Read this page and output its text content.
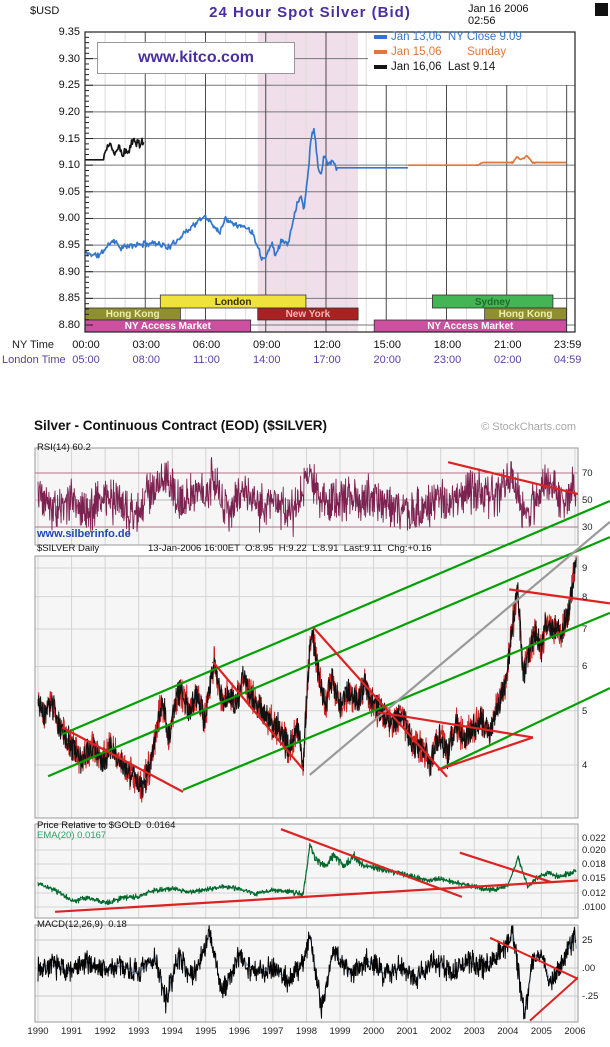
London	Sydney
Hong Kong	New York	Hong Kong
NY Access Market	NY Access Market
$USD	24 Hour Spot Silver (Bid)	Jan 16 2006
02:56
www.kitco.com
NY Time
London Time
Jan 13,06  NY Close 9.09
Jan 15,06        Sunday
Jan 16,06  Last 9.14
9.35
9.30
9.25
9.20
9.15
9.10
9.05
9.00
8.95
8.90
8.85
8.80
00:00
05:00
03:00
08:00
06:00
11:00
09:00
14:00
12:00
17:00
15:00
20:00
18:00
23:00
21:00
02:00
23:59
04:59
Silver - Continuous Contract (EOD) ($SILVER)	© StockCharts.com
RSI(14) 60.2
www.silberinfo.de
$SILVER Daily	13-Jan-2006 16:00ET  O:8.95  H:9.22  L:8.91  Last:9.11  Chg:+0.16
Price Relative to $GOLD  0.0164
EMA(20) 0.0167
MACD(12,26,9)  0.18
70
50
30
9
8
7
6
5
4
0.022
0.020
0.018
0.015
0.012
.0100
25
.00
-.25
1990	1991	1992	1993	1994	1995	1996	1997	1998	1999	2000	2001	2002	2003	2004	2005	2006
